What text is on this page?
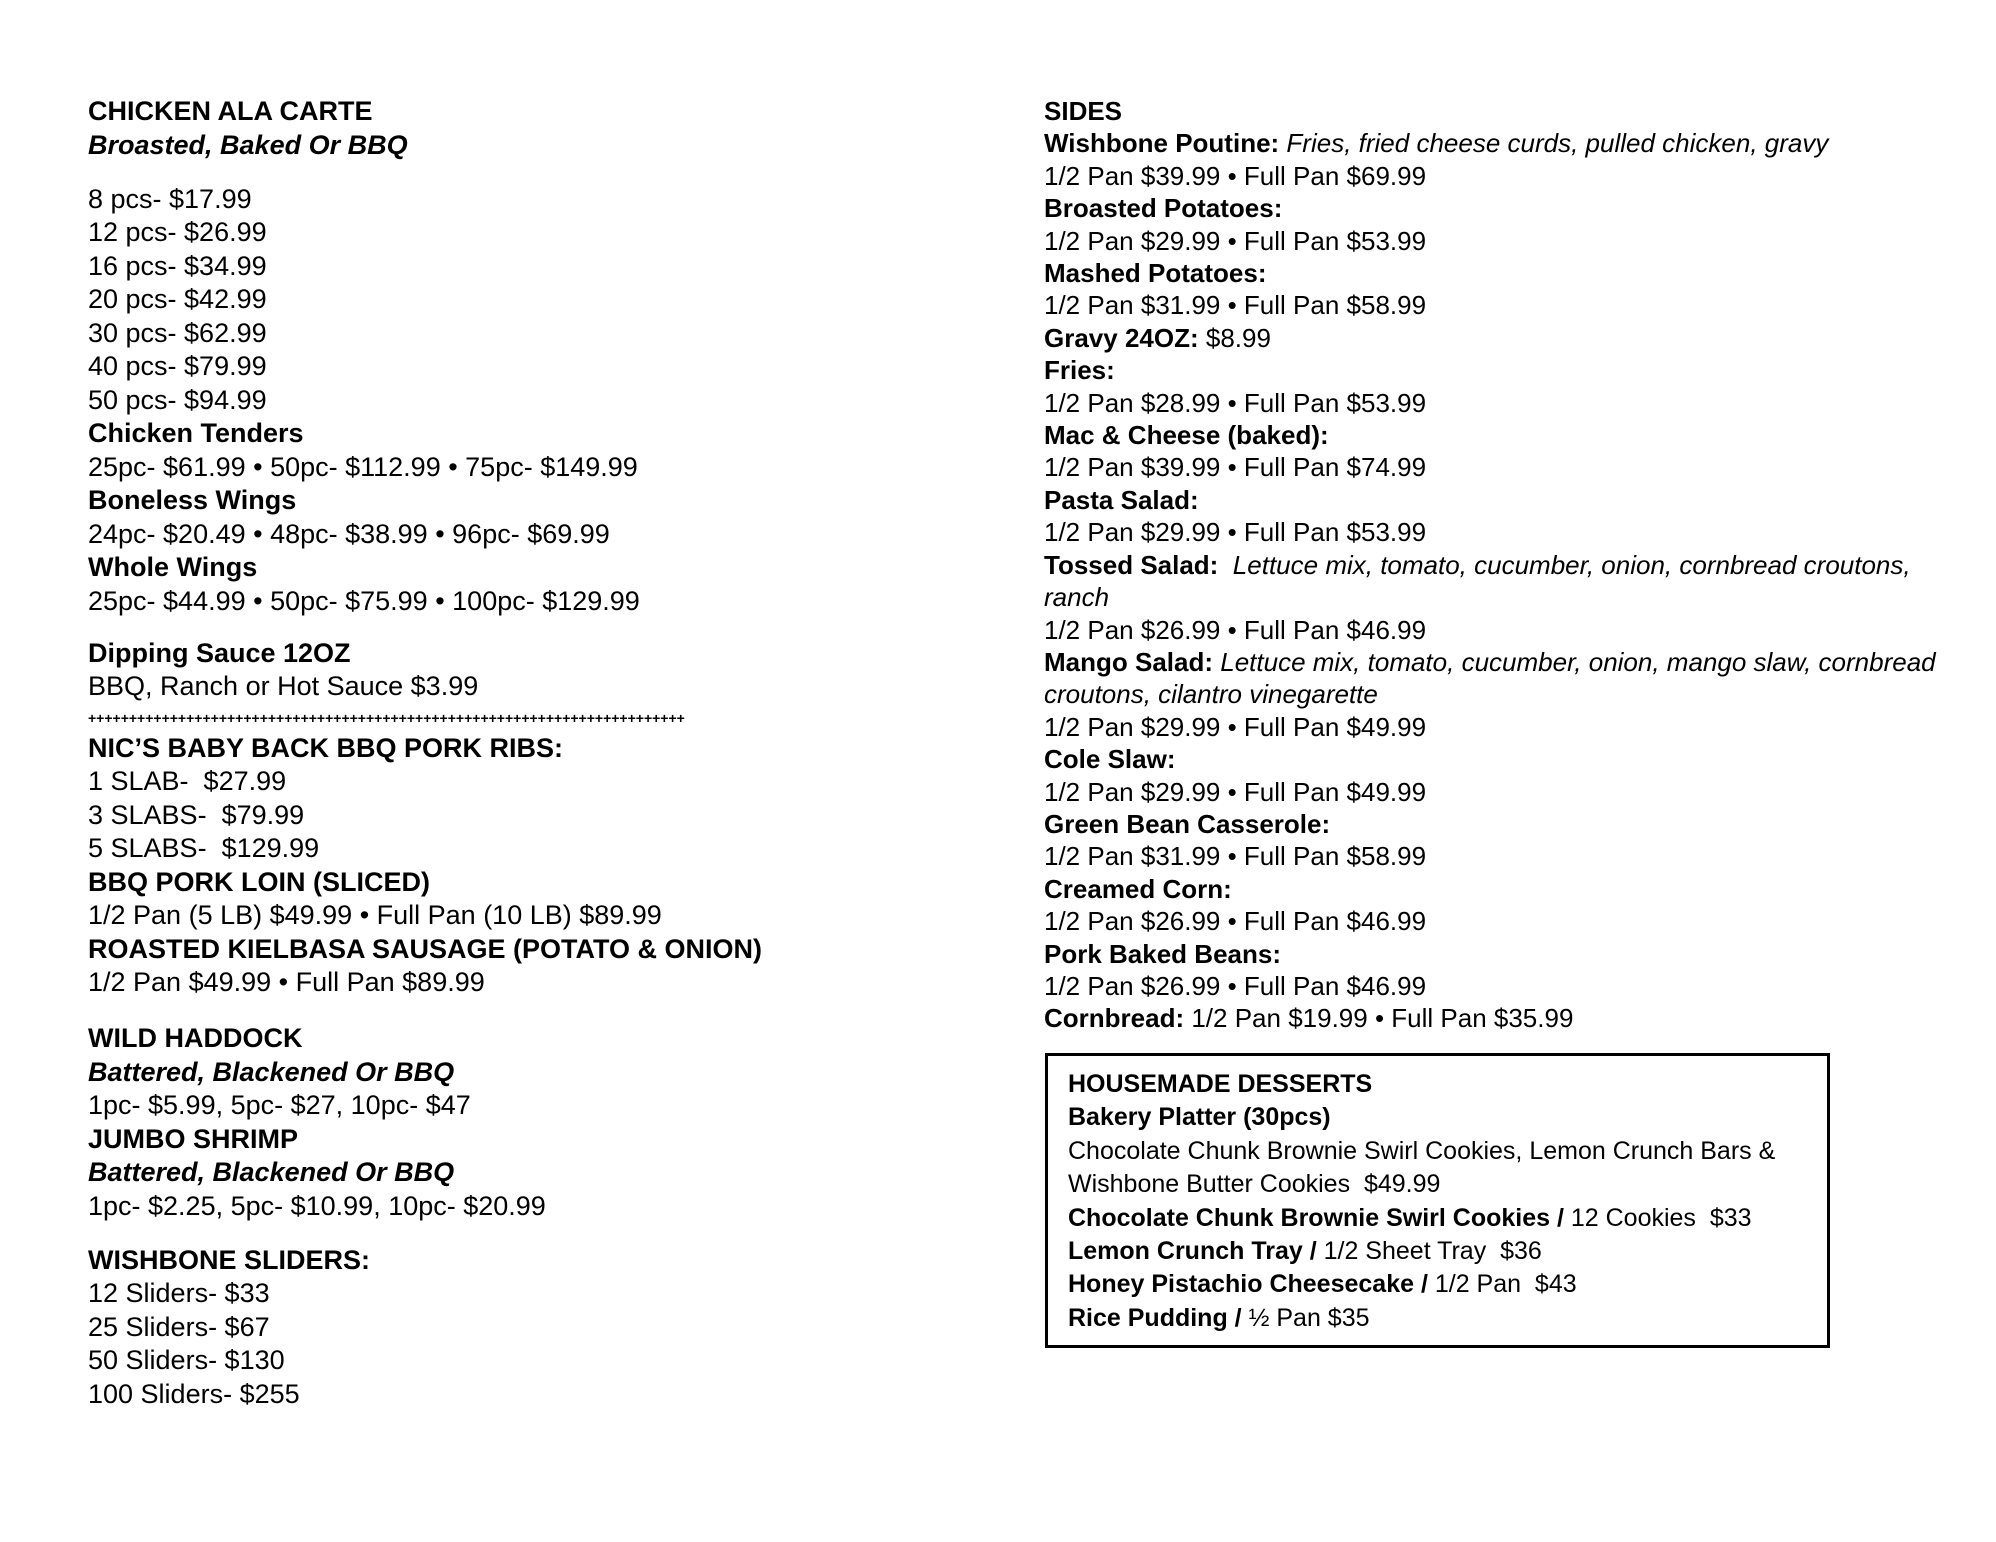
CHICKEN ALA CARTE
Broasted, Baked Or BBQ
8 pcs- $17.99
12 pcs- $26.99
16 pcs- $34.99
20 pcs- $42.99
30 pcs- $62.99
40 pcs- $79.99
50 pcs- $94.99
Chicken Tenders
25pc- $61.99 • 50pc- $112.99 • 75pc- $149.99
Boneless Wings
24pc- $20.49 • 48pc- $38.99 • 96pc- $69.99
Whole Wings
25pc- $44.99 • 50pc- $75.99 • 100pc- $129.99
Dipping Sauce 12OZ
BBQ, Ranch or Hot Sauce $3.99
+++++++++++++++++++++++++++++++++++++++++++++++++++++++++++++++++++++++++
NIC’S BABY BACK BBQ PORK RIBS:
1 SLAB-  $27.99
3 SLABS-  $79.99
5 SLABS-  $129.99
BBQ PORK LOIN (SLICED)
1/2 Pan (5 LB) $49.99 • Full Pan (10 LB) $89.99
ROASTED KIELBASA SAUSAGE (POTATO & ONION)
1/2 Pan $49.99 • Full Pan $89.99
WILD HADDOCK
Battered, Blackened Or BBQ
1pc- $5.99, 5pc- $27, 10pc- $47
JUMBO SHRIMP
Battered, Blackened Or BBQ
1pc- $2.25, 5pc- $10.99, 10pc- $20.99
WISHBONE SLIDERS:
12 Sliders- $33
25 Sliders- $67
50 Sliders- $130
100 Sliders- $255
SIDES
Wishbone Poutine: Fries, fried cheese curds, pulled chicken, gravy
1/2 Pan $39.99 • Full Pan $69.99
Broasted Potatoes:
1/2 Pan $29.99 • Full Pan $53.99
Mashed Potatoes:
1/2 Pan $31.99 • Full Pan $58.99
Gravy 24OZ: $8.99
Fries:
1/2 Pan $28.99 • Full Pan $53.99
Mac & Cheese (baked):
1/2 Pan $39.99 • Full Pan $74.99
Pasta Salad:
1/2 Pan $29.99 • Full Pan $53.99
Tossed Salad:  Lettuce mix, tomato, cucumber, onion, cornbread croutons, ranch
1/2 Pan $26.99 • Full Pan $46.99
Mango Salad: Lettuce mix, tomato, cucumber, onion, mango slaw, cornbread
croutons, cilantro vinegarette
1/2 Pan $29.99 • Full Pan $49.99
Cole Slaw:
1/2 Pan $29.99 • Full Pan $49.99
Green Bean Casserole:
1/2 Pan $31.99 • Full Pan $58.99
Creamed Corn:
1/2 Pan $26.99 • Full Pan $46.99
Pork Baked Beans:
1/2 Pan $26.99 • Full Pan $46.99
Cornbread: 1/2 Pan $19.99 • Full Pan $35.99
HOUSEMADE DESSERTS
Bakery Platter (30pcs)
Chocolate Chunk Brownie Swirl Cookies, Lemon Crunch Bars & Wishbone Butter Cookies  $49.99
Chocolate Chunk Brownie Swirl Cookies / 12 Cookies  $33
Lemon Crunch Tray / 1/2 Sheet Tray  $36
Honey Pistachio Cheesecake / 1/2 Pan  $43
Rice Pudding / ½ Pan $35
